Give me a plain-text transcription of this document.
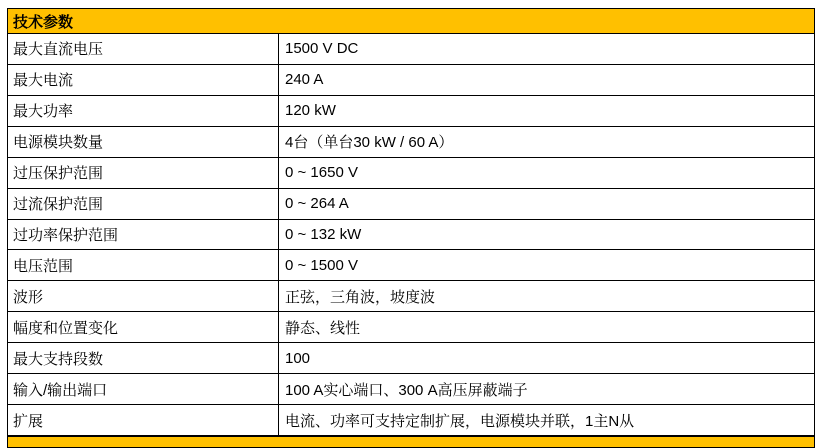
技术参数
最大直流电压	1500 V DC
最大电流	240 A
最大功率	120 kW
电源模块数量	4台（单台30 kW / 60 A）
过压保护范围	0 ~ 1650 V
过流保护范围	0 ~ 264 A
过功率保护范围	0 ~ 132 kW
电压范围	0 ~ 1500 V
波形	正弦，三角波，坡度波
幅度和位置变化	静态、线性
最大支持段数	100
输入/输出端口	100 A实心端口、300 A高压屏蔽端子
扩展	电流、功率可支持定制扩展，电源模块并联，1主N从
